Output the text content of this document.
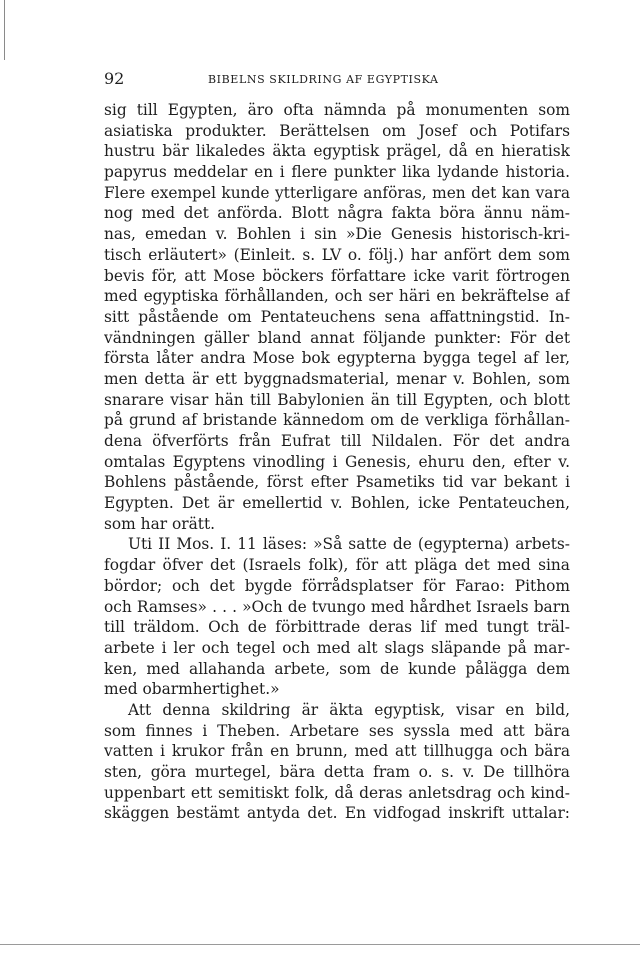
92	BIBELNS SKILDRING AF EGYPTISKA
sig till Egypten, äro ofta nämnda på monumenten som
asiatiska produkter. Berättelsen om Josef och Potifars
hustru bär likaledes äkta egyptisk prägel, då en hieratisk
papyrus meddelar en i flere punkter lika lydande historia.
Flere exempel kunde ytterligare anföras, men det kan vara
nog med det anförda. Blott några fakta böra ännu näm-
nas, emedan v. Bohlen i sin »Die Genesis historisch-kri-
tisch erläutert» (Einleit. s. LV o. följ.) har anfört dem som
bevis för, att Mose böckers författare icke varit förtrogen
med egyptiska förhållanden, och ser häri en bekräftelse af
sitt påstående om Pentateuchens sena affattningstid. In-
vändningen gäller bland annat följande punkter: För det
första låter andra Mose bok egypterna bygga tegel af ler,
men detta är ett byggnadsmaterial, menar v. Bohlen, som
snarare visar hän till Babylonien än till Egypten, och blott
på grund af bristande kännedom om de verkliga förhållan-
dena öfverförts från Eufrat till Nildalen. För det andra
omtalas Egyptens vinodling i Genesis, ehuru den, efter v.
Bohlens påstående, först efter Psametiks tid var bekant i
Egypten. Det är emellertid v. Bohlen, icke Pentateuchen,
som har orätt.
Uti II Mos. I. 11 läses: »Så satte de (egypterna) arbets-
fogdar öfver det (Israels folk), för att pläga det med sina
bördor; och det bygde förrådsplatser för Farao: Pithom
och Ramses» . . . »Och de tvungo med hårdhet Israels barn
till träldom. Och de förbittrade deras lif med tungt träl-
arbete i ler och tegel och med alt slags släpande på mar-
ken, med allahanda arbete, som de kunde pålägga dem
med obarmhertighet.»
Att denna skildring är äkta egyptisk, visar en bild,
som finnes i Theben. Arbetare ses syssla med att bära
vatten i krukor från en brunn, med att tillhugga och bära
sten, göra murtegel, bära detta fram o. s. v. De tillhöra
uppenbart ett semitiskt folk, då deras anletsdrag och kind-
skäggen bestämt antyda det. En vidfogad inskrift uttalar:
